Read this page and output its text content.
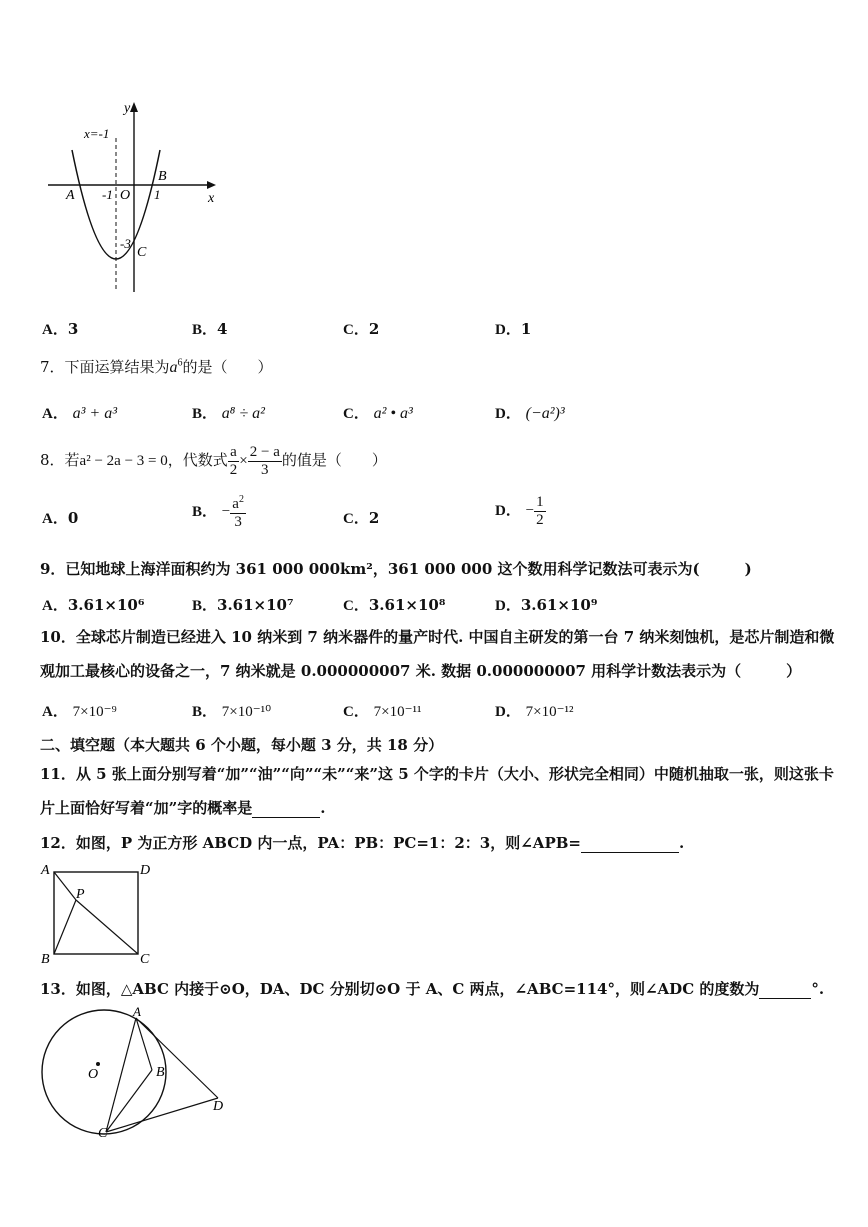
y
x
x=-1
A -1 O 1
B
-3
C
A．3	B．4	C．2	D．1
7．下面运算结果为$a^6$的是（　　）
A． a³ + a³	B． a⁸ ÷ a²	C． a² • a³	D． (−a²)³
8．若a² − 2a − 3 = 0，代数式 $\frac{a}{2} \times \frac{2 - a}{3}$ 的值是（　　）
A．0	B． − $\frac{a^2}{3}$	C．2	D． − $\frac{1}{2}$
9．已知地球上海洋面积约为 361 000 000km²，361 000 000 这个数用科学记数法可表示为(　　　)
A．3.61×10⁶	B．3.61×10⁷	C．3.61×10⁸	D．3.61×10⁹
10．全球芯片制造已经进入 10 纳米到 7 纳米器件的量产时代. 中国自主研发的第一台 7 纳米刻蚀机，是芯片制造和微
观加工最核心的设备之一，7 纳米就是 0.000000007 米. 数据 0.000000007 用科学计数法表示为（　　　）
A． 7×10⁻⁹	B． 7×10⁻¹⁰	C． 7×10⁻¹¹	D． 7×10⁻¹²
二、填空题（本大题共 6 个小题，每小题 3 分，共 18 分）
11．从 5 张上面分别写着“加”“油”“向”“未”“来”这 5 个字的卡片（大小、形状完全相同）中随机抽取一张，则这张卡
片上面恰好写着“加”字的概率是	.
12．如图，P 为正方形 ABCD 内一点，PA：PB：PC=1：2：3，则∠APB=	.
A	D
B	C
P
13．如图，△ABC 内接于⊙O，DA、DC 分别切⊙O 于 A、C 两点，∠ABC=114°，则∠ADC 的度数为	°.
O
A
B
C
D
